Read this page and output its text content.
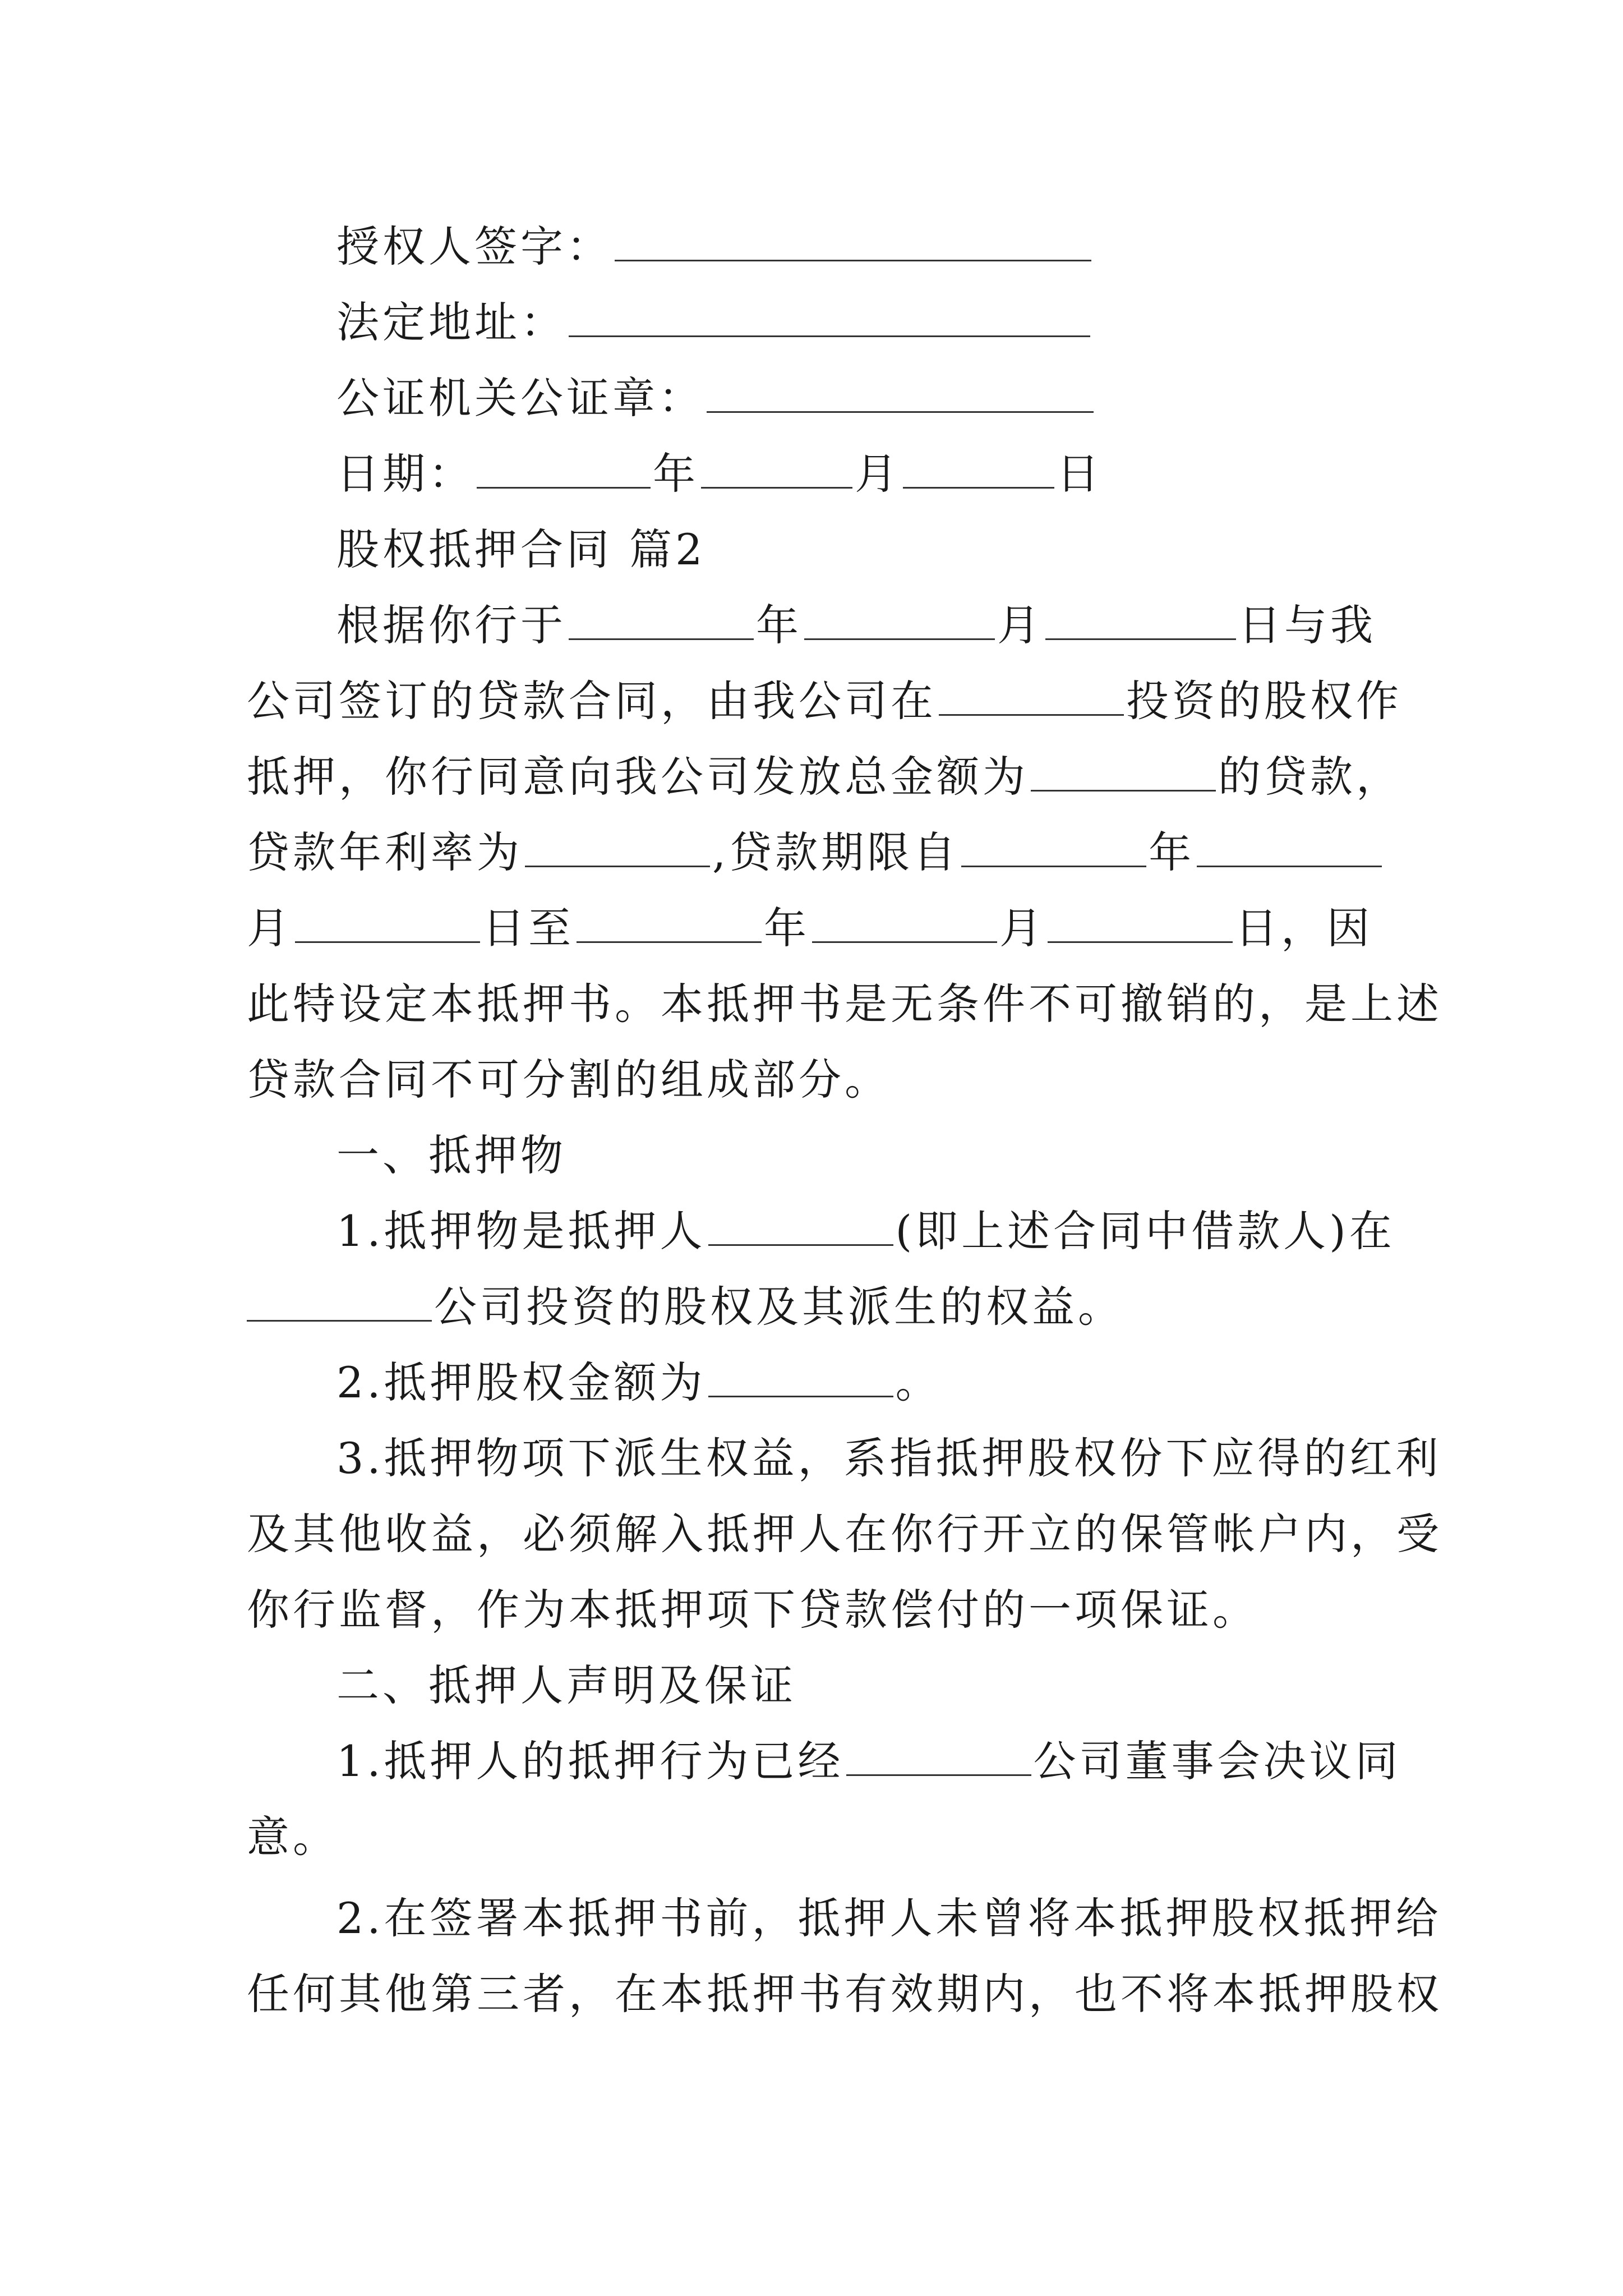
授权人签字：
法定地址：
公证机关公证章：
日期：	年	月	日
股权抵押合同 篇2
根据你行于	年	月	日与我
公司签订的贷款合同，由我公司在	投资的股权作
抵押，你行同意向我公司发放总金额为	的贷款，
贷款年利率为	,贷款期限自	年
月	日至	年	月	日，因
此特设定本抵押书。本抵押书是无条件不可撤销的，是上述
贷款合同不可分割的组成部分。
一、抵押物
1.抵押物是抵押人	(即上述合同中借款人)在
公司投资的股权及其派生的权益。
2.抵押股权金额为	。
3.抵押物项下派生权益，系指抵押股权份下应得的红利
及其他收益，必须解入抵押人在你行开立的保管帐户内，受
你行监督，作为本抵押项下贷款偿付的一项保证。
二、抵押人声明及保证
1.抵押人的抵押行为已经	公司董事会决议同
意。
2.在签署本抵押书前，抵押人未曾将本抵押股权抵押给
任何其他第三者，在本抵押书有效期内，也不将本抵押股权
